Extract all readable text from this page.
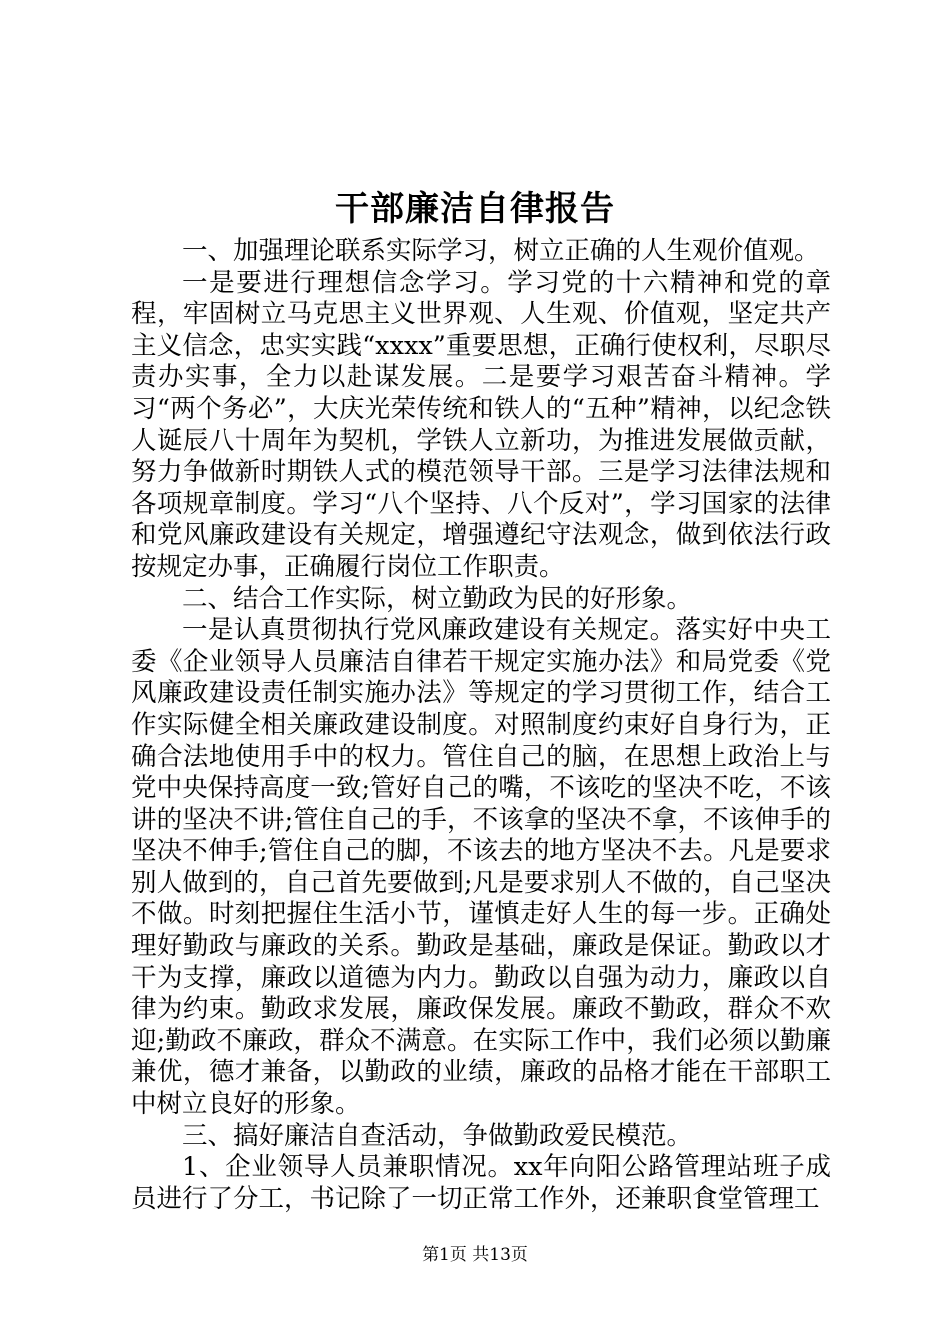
干部廉洁自律报告

一、加强理论联系实际学习，树立正确的人生观价值观。

一是要进行理想信念学习。学习党的十六精神和党的章程，牢固树立马克思主义世界观、人生观、价值观，坚定共产主义信念，忠实实践“xxxx”重要思想，正确行使权利，尽职尽责办实事，全力以赴谋发展。二是要学习艰苦奋斗精神。学习“两个务必”，大庆光荣传统和铁人的“五种”精神，以纪念铁人诞辰八十周年为契机，学铁人立新功，为推进发展做贡献，努力争做新时期铁人式的模范领导干部。三是学习法律法规和各项规章制度。学习“八个坚持、八个反对”，学习国家的法律和党风廉政建设有关规定，增强遵纪守法观念，做到依法行政按规定办事，正确履行岗位工作职责。

二、结合工作实际，树立勤政为民的好形象。

一是认真贯彻执行党风廉政建设有关规定。落实好中央工委《企业领导人员廉洁自律若干规定实施办法》和局党委《党风廉政建设责任制实施办法》等规定的学习贯彻工作，结合工作实际健全相关廉政建设制度。对照制度约束好自身行为，正确合法地使用手中的权力。管住自己的脑，在思想上政治上与党中央保持高度一致;管好自己的嘴，不该吃的坚决不吃，不该讲的坚决不讲;管住自己的手，不该拿的坚决不拿，不该伸手的坚决不伸手;管住自己的脚，不该去的地方坚决不去。凡是要求别人做到的，自己首先要做到;凡是要求别人不做的，自己坚决不做。时刻把握住生活小节，谨慎走好人生的每一步。正确处理好勤政与廉政的关系。勤政是基础，廉政是保证。勤政以才干为支撑，廉政以道德为内力。勤政以自强为动力，廉政以自律为约束。勤政求发展，廉政保发展。廉政不勤政，群众不欢迎;勤政不廉政，群众不满意。在实际工作中，我们必须以勤廉兼优，德才兼备，以勤政的业绩，廉政的品格才能在干部职工中树立良好的形象。

三、搞好廉洁自查活动，争做勤政爱民模范。

1、企业领导人员兼职情况。xx年向阳公路管理站班子成员进行了分工，书记除了一切正常工作外，还兼职食堂管理工

第1页 共13页
